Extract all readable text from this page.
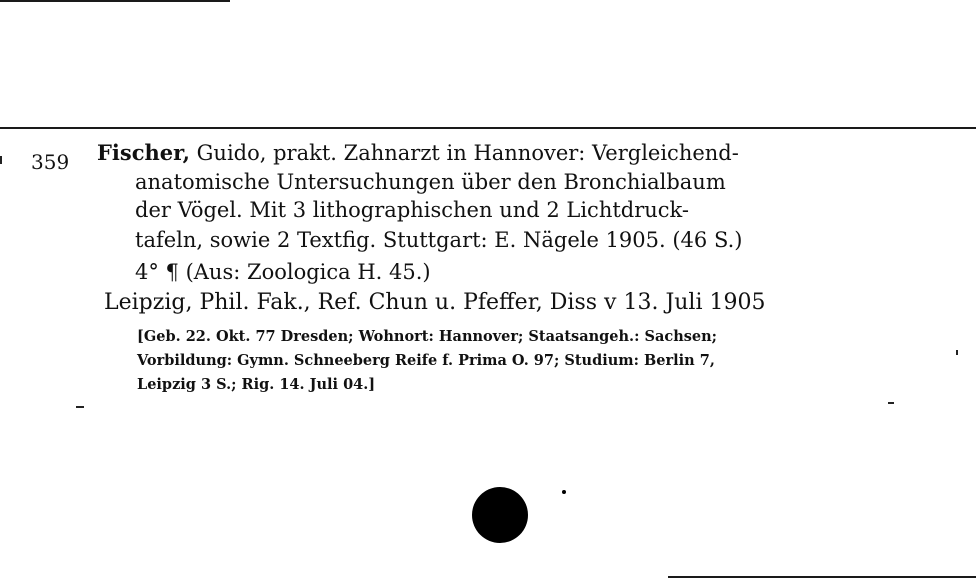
359 Fischer, Guido, prakt. Zahnarzt in Hannover: Vergleichend-
anatomische Untersuchungen über den Bronchialbaum
der Vögel. Mit 3 lithographischen und 2 Lichtdruck-
tafeln, sowie 2 Textfig. Stuttgart: E. Nägele 1905. (46 S.)
4° ¶ (Aus: Zoologica H. 45.)
Leipzig, Phil. Fak., Ref. Chun u. Pfeffer, Diss v 13. Juli 1905
[Geb. 22. Okt. 77 Dresden; Wohnort: Hannover; Staatsangeh.: Sachsen;
Vorbildung: Gymn. Schneeberg Reife f. Prima O. 97; Studium: Berlin 7,
Leipzig 3 S.; Rig. 14. Juli 04.]
